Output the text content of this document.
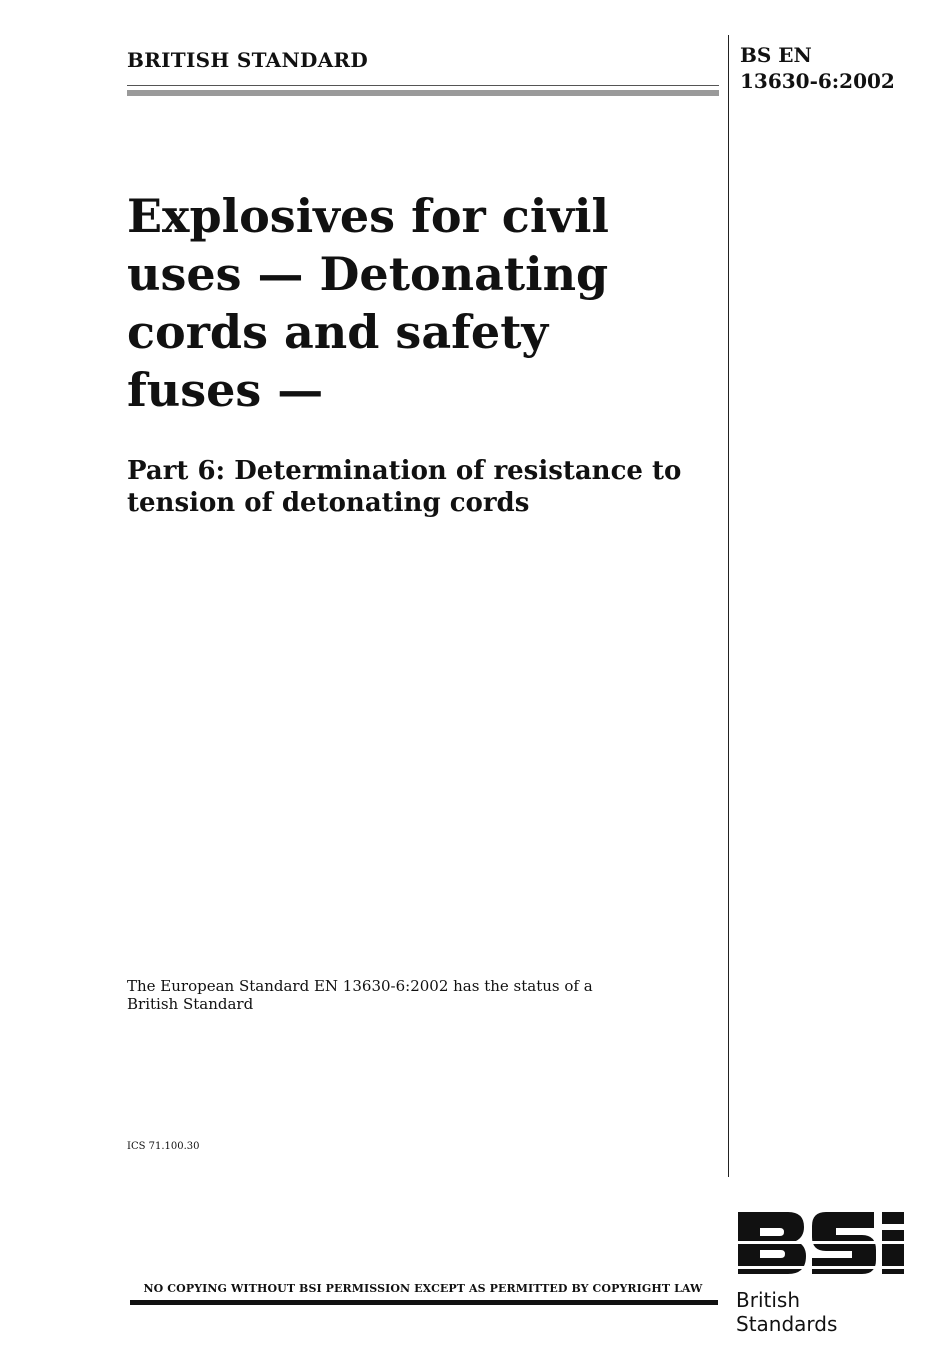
BRITISH STANDARD	BS EN
13630-6:2002
Explosives for civil
uses — Detonating
cords and safety
fuses —
Part 6: Determination of resistance to
tension of detonating cords
The European Standard EN 13630-6:2002 has the status of a
British Standard
ICS 71.100.30
NO COPYING WITHOUT BSI PERMISSION EXCEPT AS PERMITTED BY COPYRIGHT LAW	British Standards
